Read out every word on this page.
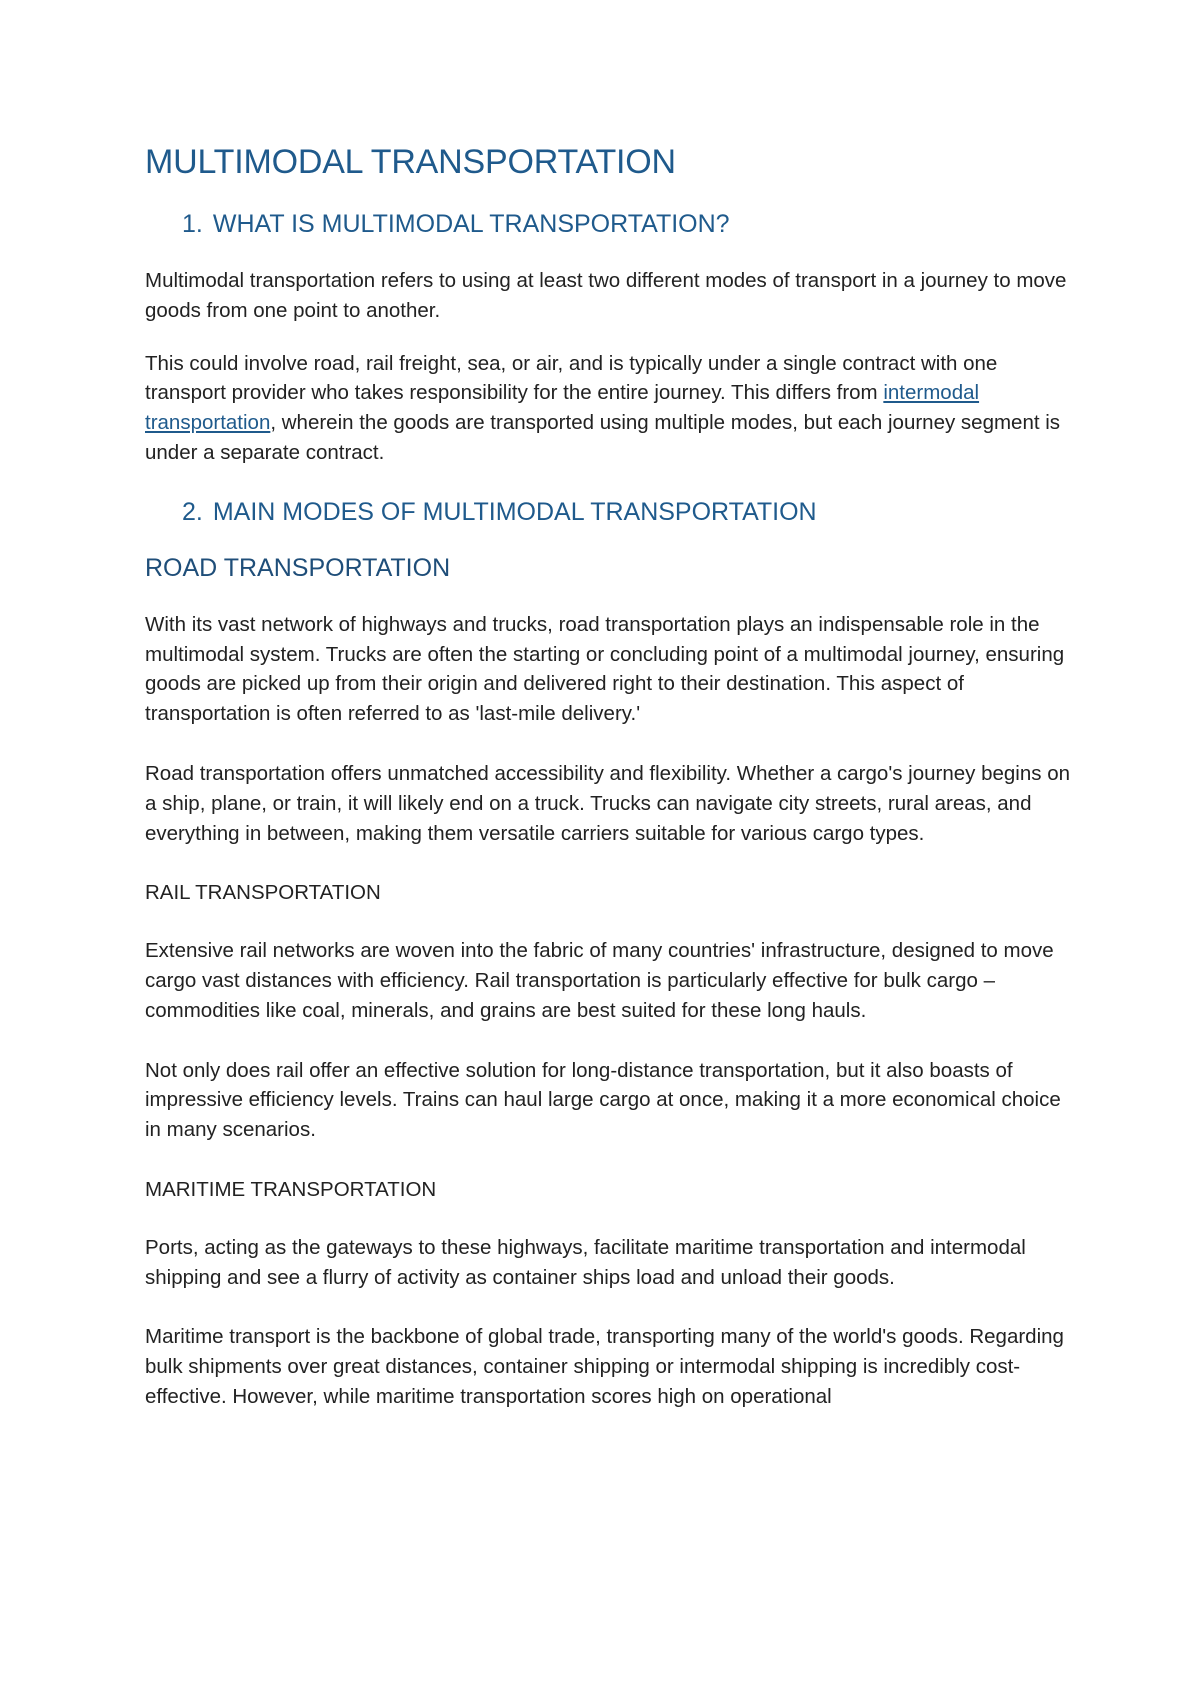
MULTIMODAL TRANSPORTATION
1. WHAT IS MULTIMODAL TRANSPORTATION?

Multimodal transportation refers to using at least two different modes of transport in a journey to move goods from one point to another.

This could involve road, rail freight, sea, or air, and is typically under a single contract with one transport provider who takes responsibility for the entire journey. This differs from intermodal transportation, wherein the goods are transported using multiple modes, but each journey segment is under a separate contract.

2. MAIN MODES OF MULTIMODAL TRANSPORTATION
ROAD TRANSPORTATION

With its vast network of highways and trucks, road transportation plays an indispensable role in the multimodal system. Trucks are often the starting or concluding point of a multimodal journey, ensuring goods are picked up from their origin and delivered right to their destination. This aspect of transportation is often referred to as 'last-mile delivery.'

Road transportation offers unmatched accessibility and flexibility. Whether a cargo's journey begins on a ship, plane, or train, it will likely end on a truck. Trucks can navigate city streets, rural areas, and everything in between, making them versatile carriers suitable for various cargo types.

RAIL TRANSPORTATION

Extensive rail networks are woven into the fabric of many countries' infrastructure, designed to move cargo vast distances with efficiency. Rail transportation is particularly effective for bulk cargo – commodities like coal, minerals, and grains are best suited for these long hauls.

Not only does rail offer an effective solution for long-distance transportation, but it also boasts of impressive efficiency levels. Trains can haul large cargo at once, making it a more economical choice in many scenarios.

MARITIME TRANSPORTATION

Ports, acting as the gateways to these highways, facilitate maritime transportation and intermodal shipping and see a flurry of activity as container ships load and unload their goods.

Maritime transport is the backbone of global trade, transporting many of the world's goods. Regarding bulk shipments over great distances, container shipping or intermodal shipping is incredibly cost-effective. However, while maritime transportation scores high on operational
